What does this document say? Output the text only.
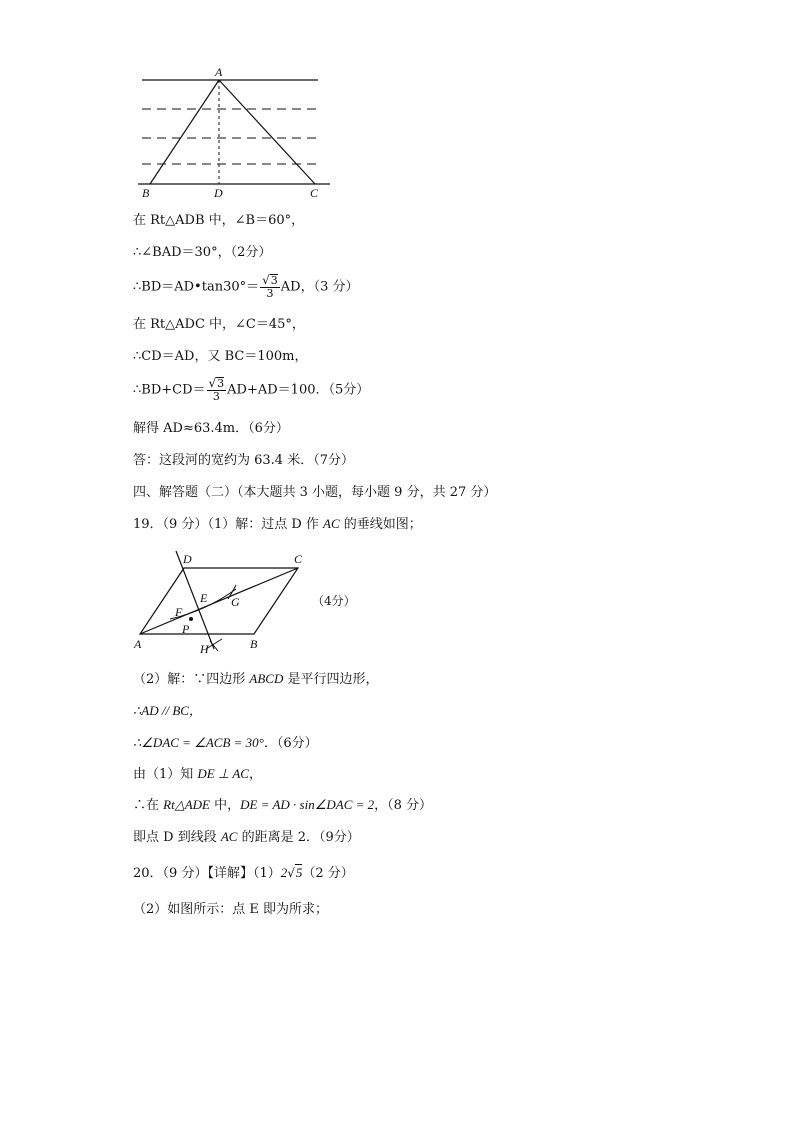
A
B	D	C
在 Rt△ADB 中，∠B＝60°，
∴∠BAD＝30°，（2分）
∴BD＝AD•tan30°＝ $\frac{√3}{3}$ AD，（3 分）
在 Rt△ADC 中，∠C＝45°，
∴CD＝AD，又 BC＝100m，
∴BD+CD＝ $\frac{√3}{3} AD+AD=100$．（5分）
解得 AD≈63.4m．（6分）
答：这段河的宽约为 63.4 米．（7分）
四、解答题（二）（本大题共 3 小题，每小题 9 分，共 27 分）
19．（9 分）（1）解：过点 D 作 AC 的垂线如图；
D	C
E G
F
P
A	B
H
（4分）
（2）解：∵四边形 ABCD 是平行四边形，
∴AD // BC，
∴∠DAC = ∠ACB = 30°．（6分）
由（1）知 DE ⊥ AC，
∴在 Rt△ADE 中，DE = AD · sin∠DAC = 2，（8 分）
即点 D 到线段 AC 的距离是 2．（9分）
20．（9 分）【详解】（1）2√5（2 分）
（2）如图所示：点 E 即为所求；
